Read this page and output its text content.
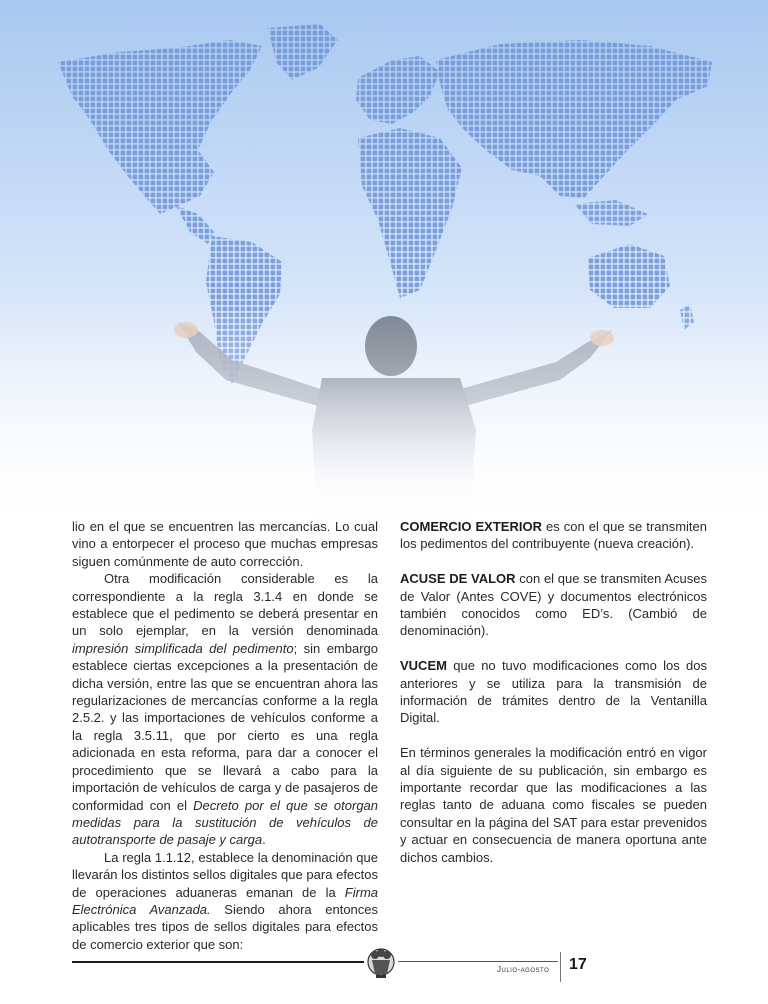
lio en el que se encuentren las mercancías. Lo cual vino a entorpecer el proceso que muchas empresas siguen comúnmente de auto corrección.

Otra modificación considerable es la correspondiente a la regla 3.1.4 en donde se establece que el pedimento se deberá presentar en un solo ejemplar, en la versión denominada impresión simplificada del pedimento; sin embargo establece ciertas excepciones a la presentación de dicha versión, entre las que se encuentran ahora las regularizaciones de mercancías conforme a la regla 2.5.2. y las importaciones de vehículos conforme a la regla 3.5.11, que por cierto es una regla adicionada en esta reforma, para dar a conocer el procedimiento que se llevará a cabo para la importación de vehículos de carga y de pasajeros de conformidad con el Decreto por el que se otorgan medidas para la sustitución de vehículos de autotransporte de pasaje y carga.

La regla 1.1.12, establece la denominación que llevarán los distintos sellos digitales que para efectos de operaciones aduaneras emanan de la Firma Electrónica Avanzada. Siendo ahora entonces aplicables tres tipos de sellos digitales para efectos de comercio exterior que son:

COMERCIO EXTERIOR es con el que se transmiten los pedimentos del contribuyente (nueva creación).

ACUSE DE VALOR con el que se transmiten Acuses de Valor (Antes COVE) y documentos electrónicos también conocidos como ED’s. (Cambió de denominación).

VUCEM que no tuvo modificaciones como los dos anteriores y se utiliza para la transmisión de información de trámites dentro de la Ventanilla Digital.

En términos generales la modificación entró en vigor al día siguiente de su publicación, sin embargo es importante recordar que las modificaciones a las reglas tanto de aduana como fiscales se pueden consultar en la página del SAT para estar prevenidos y actuar en consecuencia de manera oportuna ante dichos cambios.

Julio-agosto 17
